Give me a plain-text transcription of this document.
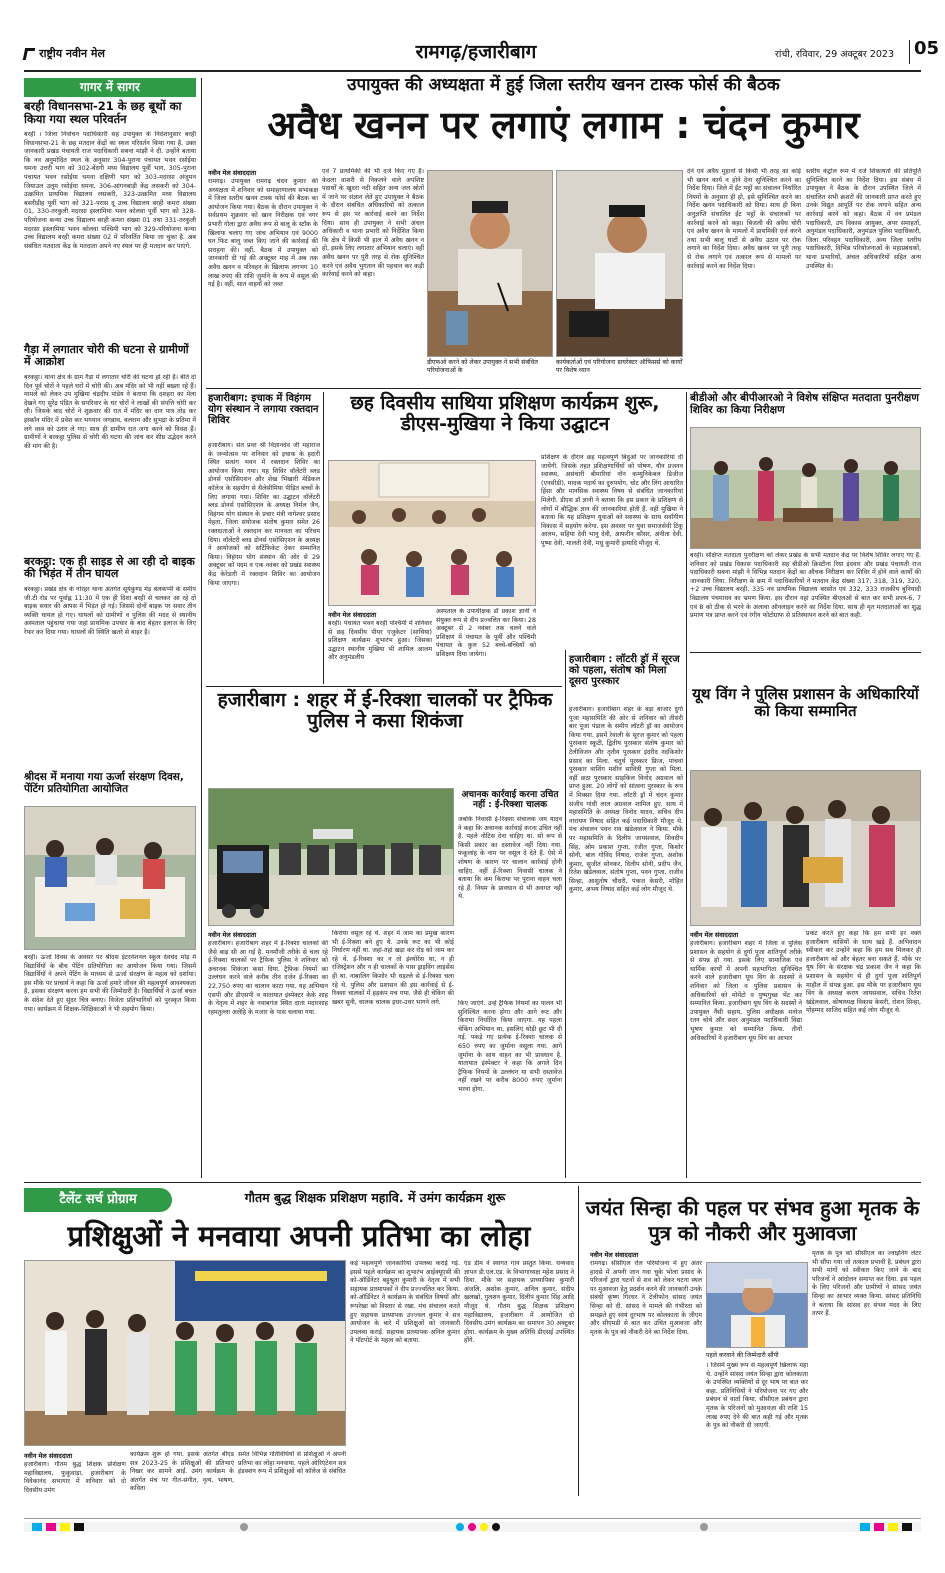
राष्ट्रीय नवीन मेल	रामगढ़/हजारीबाग	रांची, रविवार, 29 अक्टूबर 2023 05
गागर में सागर
बरही विधानसभा-21 के छह बूथों का किया गया स्थल परिवर्तन
बरही । जिला निर्वाचन पदाधिकारी सह उपायुक्त के निदेशानुसार बरही विधानसभा-21 के छह मतदान केंद्रों का स्थल परिवर्तन किया गया है. उक्त जानकारी प्रखंड पंचायती राज पदाधिकारी सबना मांझी ने दी. उन्होंने बताया कि नव अनुमोदित स्थल के अनुसार 304-पुराना पंचायत भवन रसोईया धमना उत्तरी भाग को 302-बेंदगी मध्य विद्यालय पूर्वी भाग, 305-पुराना पंचायत भवन रसोईया धमना दक्षिणी भाग को 303-मदरसा अंजुमन जियाउल उलूम रसोईया धमना, 306-आंगनबाड़ी केंद्र लसकरी को 304-उत्क्रमित प्राथमिक विद्यालय लसकरी, 323-उत्क्रमित मध्य विद्यालय बसरीडीह पूर्वी भाग को 321-परास दू उच्च विद्यालय बरही कमरा संख्या 01, 330-तरकुली मदरसा इस्लामिया भवन कोलवा पूर्वी भाग को 328-परियोजना कन्या उच्च विद्यालय बरही कमरा संख्या 01 तथा 331-तरकुली मदरसा इस्लामिया भवन कोलवा पश्चिमी भाग को 329-परियोजना कन्या उच्च विद्यालय बरही कमरा संख्या 02 में परिवर्तित किया जा चुका है. अब संबंधित मतदाता केंद्र के मतदाता अपने नए स्थल पर ही मतदान कर पाएंगे.
गैड़ा में लगातार चोरी की घटना से ग्रामीणों में आक्रोश
बरकट्ठा। थाना क्षेत्र के ग्राम गैड़ा में लगातार चोरी की घटना हो रही है। बीते दो दिन पूर्व चोरों ने पहले घरों में चोरी की। अब मंदिर को भी नहीं बख्शा रहे हैं। मामले को लेकर उप मुखिया चंद्रदीप पांडेय ने बताया कि दशहरा का मेला देखने गए सुरेंद्र पंडित के सपरिवार के घर चोरों ने लाखों की संपत्ति चोरी कर ली। जिसके बाद चोरों ने शुक्रवार की रात में मंदिर का दान पात्र तोड़ कर इस्कॉन मंदिर में प्रवेश कर भगवान जगन्नाथ, बलराम और सुभद्रा के प्रतिमा में लगे वस्त्र को उतार ले गए। साथ ही ग्रामीण रात जगा करने को विवश हैं। ग्रामीणों ने बरकट्ठा पुलिस से चोरी की घटना की जांच कर शीघ्र उद्भेदन करने की मांग की है।
बरकट्ठा: एक ही साइड से आ रही दो बाइक की भिड़ंत में तीन घायल
बरकट्ठा। प्रखंड क्षेत्र के गोरहर थाना अंतर्गत सूर्यकुण्ड मेड़ बेलकप्पी के समीप जी.टी रोड पर पूर्वाह्न 11:30 में एक ही दिशा बरही से चलकर आ रहे दो बाइक सवार की आपस में भिड़ंत हो गई। जिससे दोनों बाइक पर सवार तीन व्यक्ति घायल हो गए। घायलों को ग्रामीणों व पुलिस की मदद से स्थानीय अस्पताल पहुंचाया गया जहां प्राथमिक उपचार के बाद बेहतर इलाज के लिए रेफर कर दिया गया। घायलों की स्थिति खतरे से बाहर है।
श्रीदस में मनाया गया ऊर्जा संरक्षण दिवस, पेंटिंग प्रतियोगिता आयोजित
बरही। ऊर्जा दिवस के अवसर पर श्रीदस इंटरनेशनल स्कूल देवचंद मोड़ में विद्यार्थियों के बीच पेंटिंग प्रतियोगिता का आयोजन किया गया। जिसमें विद्यार्थियों ने अपने पेंटिंग के माध्यम से ऊर्जा संरक्षण के महत्व को दर्शाया। इस मौके पर प्राचार्य ने कहा कि ऊर्जा हमारे जीवन की महत्वपूर्ण आवश्यकता है, इसका संरक्षण करना हम सभी की जिम्मेदारी है। विद्यार्थियों ने ऊर्जा बचत के संदेश देते हुए सुंदर चित्र बनाए। विजेता प्रतिभागियों को पुरस्कृत किया गया। कार्यक्रम में शिक्षक-शिक्षिकाओं ने भी सहयोग किया।
उपायुक्त की अध्यक्षता में हुई जिला स्तरीय खनन टास्क फोर्स की बैठक
अवैध खनन पर लगाएं लगाम : चंदन कुमार
नवीन मेल संवाददाता
रामगढ़। उपायुक्त रामगढ़ चंदन कुमार की अध्यक्षता में शनिवार को समाहरणालय सभाकक्ष में जिला स्तरीय खनन टास्क फोर्स की बैठक का आयोजन किया गया। बैठक के दौरान उपायुक्त ने सर्वप्रथम शुक्रवार को खान निरीक्षक एवं नगर प्रभारी गोला द्वारा अवैध रूप से बालू के स्टॉक के खिलाफ चलाए गए जांच अभियान एवं 9000 घन फिट बालू जब्त किए जाने की कार्रवाई की सराहना की। वहीं, बैठक में उपायुक्त को जानकारी दी गई की अक्टूबर माह में अब तक अवैध खनन व परिवहन के खिलाफ लगभग 10 लाख रुपए की राशि जुर्माने के रूप में वसूल की गई है। वहीं, सात वाहनों को जब्त
एवं 7 प्राथमिकी की भी दर्ज किए गए हैं। केदला वाशरी से निकलने वाले अपशिष्ट पदार्थों के खुदरा नदी सहित अन्य जल स्रोतों में जाने पर संज्ञान लेते हुए उपायुक्त ने बैठक के दौरान संबंधित अधिकारियों को तत्काल रूप से इस पर कार्रवाई करने का निर्देश दिया। साथ ही उपायुक्त ने सभी अंचल अधिकारी व थाना प्रभारी को निर्देशित किया कि क्षेत्र में किसी भी हाल में अवैध खनन न हो, इसके लिए लगातार अभियान चलाएं। वहीं अवैध खनन पर पूरी तरह से रोक सुनिश्चित करने एवं अवैध भुगतान की पहचान कर कड़ी कार्रवाई करने को कहा।
डीएफओ करने को लेकर उपायुक्त ने सभी संबंधित परियोजनाओं के
कार्यकर्ताओं एवं परियोजना डायरेक्टर ऑफिसर्स को कार्यों पर विशेष ध्यान
देने एवं अवैध मुहानों से किसी भी तरह का कोई भी खनन कार्य न होने देना सुनिश्चित करने का निर्देश दिया। जिले में ईंट भट्ठों का संचालन निर्धारित नियमों के अनुसार ही हो, इसे सुनिश्चित करने का निर्देश खनन पदाधिकारी को दिया। साथ ही बिना अनुज्ञप्ति संचालित ईंट भट्ठों के संचालकों पर कार्रवाई करने को कहा। बिजली की अवैध चोरी एवं अवैध खनन के मामलों में प्राथमिकी दर्ज करने तथा सभी बालू घाटों से अवैध उठाव पर रोक लगाने का निर्देश दिया। अवैध खनन पर पूरी तरह से रोक लगाने एवं तत्काल रूप से मामलों पर कार्रवाई करने का निर्देश दिया।
स्तरीय कंट्रोल रूम में दर्ज शिकायतों की प्रतिपूर्ति सुनिश्चित करने का निर्देश दिया। इस संबंध में उपायुक्त ने बैठक के दौरान उपस्थित जिले में संचालित सभी क्रशरों की जानकारी प्राप्त करते हुए उनके विद्युत आपूर्ति पर रोक लगाने सहित अन्य कार्रवाई करने को कहा। बैठक में वन प्रमंडल पदाधिकारी, उप विकास आयुक्त, अपर समाहर्ता, अनुमंडल पदाधिकारी, अनुमंडल पुलिस पदाधिकारी, जिला परिवहन पदाधिकारी, अन्य जिला स्तरीय पदाधिकारी, विभिन्न परियोजनाओं के महाप्रबंधकों, थाना प्रभारियों, अंचल अधिकारियों सहित अन्य उपस्थित थे।
हजारीबाग: इचाक में विहंगम योग संस्थान ने लगाया रक्तदान शिविर
हजारीबाग। संत प्रवर श्री विज्ञानदेव जी महाराज के जन्मोत्सव पर शनिवार को इचाक के हदारी स्थित सत्संग भवन में रक्तदान शिविर का आयोजन किया गया। यह शिविर वॉलेंटरी ब्लड डोनर्स एसोसिएशन और शेख भिखारी मेडिकल कॉलेज के सहयोग से थैलेसीमिया पीड़ित बच्चों के लिए लगाया गया। शिविर का उद्घाटन वॉलेंटरी ब्लड डोनर्स एसोसिएशन के अध्यक्ष निर्मल जैन, विहंगम योग संस्थान के प्रचार मंत्री नागेश्वर प्रसाद मेहता, जिला संयोजक संतोष कुमार समेत 26 रक्तदाताओं ने रक्तदान कर मानवता का परिचय दिया। वॉलेंटरी ब्लड डोनर्स एसोसिएशन के अध्यक्ष ने आयोजकों को सर्टिफिकेट देकर सम्मानित किया। विहंगम योग संस्थान की ओर से 29 अक्टूबर को पदम व एक नवंबर को प्रखंड स्वास्थ्य केंद्र केरेडारी में रक्तदान शिविर का आयोजन किया जाएगा।
छह दिवसीय साथिया प्रशिक्षण कार्यक्रम शुरू, डीएस-मुखिया ने किया उद्घाटन
प्रशिक्षण के दौरान छह महत्वपूर्ण बिंदुओं पर जानकारियां दी जायेंगी. जिसके तहत प्रशिक्षणार्थियों को पोषण, यौन प्रजनन स्वास्थ्य, असंचारी बीमारियां नॉन कम्युनिकेबल डिजीज (एनसीडी), मादक पदार्थ का दुरुपयोग, चोट और लिंग आधारित हिंसा और मानसिक स्वास्थ्य विषय से संबंधित जानकारियां मिलेगी. डीएस डॉ ज्ञानी ने बताया कि इस प्रकार के प्रशिक्षण से लोगों में बौद्धिक ज्ञान की जानकारियां होती हैं. वहीं मुखिया ने बताया कि यह प्रशिक्षण युवाओं को स्वास्थ्य के साथ सर्वांगीण विकास में सहयोग करेगा. इस अवसर पर युवा समाजसेवी टिंकू आलम, सहिया देवी भानु देवी, आफरीन कौसर, अनीता देवी, पुष्पा देवी, मालती देवी, मधु कुमारी इत्यादि मौजूद थे.
नवीन मेल संवाददाता
बरही। पंचायत भवन बरही पश्चिमी में शनिवार से छह दिवसीय पीयर एजुकेटर (साथिया) प्रशिक्षण कार्यक्रम शुभारंभ हुआ। जिसका उद्घाटन स्थानीय मुखिया भी शामिल आलम और अनुमंडलीय
अस्पताल के उपाधीक्षक डॉ प्रकाश ज्ञानी ने संयुक्त रूप से दीप प्रज्वलित कर किया। 28 अक्टूबर से 2 नवंबर तक चलने वाले प्रशिक्षण में पंचायत के पूर्वी और पश्चिमी पंचायत के कुल 52 बच्चे-बच्चियों को प्रशिक्षण दिया जायेगा।
बीडीओ और बीपीआरओ ने विशेष संक्षिप्त मतदाता पुनरीक्षण शिविर का किया निरीक्षण
बरही। संक्षिप्त मतदाता पुनरीक्षण को लेकर प्रखंड के सभी मतदान केंद्र पर विशेष शिविर लगाए गए हैं. शनिवार को प्रखंड विकास पदाधिकारी सह बीडीओ क्रिस्टीना रिया इंदवार और प्रखंड पंचायती राज पदाधिकारी सबना मांझी ने विभिन्न मतदान केंद्रों का औचक निरीक्षण कर शिविर में होने वाले कार्यों की जानकारी लिया. निरीक्षण के क्रम में पदाधिकारियों ने मतदान केंद्र संख्या 317, 318, 319, 320, +2 उच्च विद्यालय बरही, 335 नव प्राथमिक विद्यालय बरसोत एवं 332, 333 राजकीय बुनियादी विद्यालय पंचमाधव का भ्रमण किया. इस दौरान वहां उपस्थित बीएलओ से बात कर सभी प्रपत्र-6, 7 एवं 8 को ठीक से भरने के अलावा ऑनलाइन करने का निर्देश दिया. साथ ही मृत मतदाताओं का शुद्ध प्रमाण पत्र प्राप्त करने एवं रंगीन फोटोग्राफ से प्रतिस्थापन करने को बात कही.
हजारीबाग : शहर में ई-रिक्शा चालकों पर ट्रैफिक पुलिस ने कसा शिकंजा
नवीन मेल संवाददाता
हजारीबाग। हजारीबाग शहर में ई-रिक्शा चालकों की जैसे बाढ़ सी आ गई है. मनमौजी तरीके से चला रहे ई-रिक्शा चालकों पर ट्रैफिक पुलिस ने शनिवार को अचानक शिकंजा कसा दिया. ट्रैफिक नियमों का उल्लंघन करने वाले करीब तीन दर्जन ई-रिक्शा का 22,750 रुपए का चालान काटा गया. यह अभियान एसपी और डीएसपी व यातायात इंस्पेक्टर केके शाह के नेतृत्व में शहर के नवाबगंज स्थित दाता मदारशाह रहमतुल्ला अलेहि के मजार के पास चलाया गया.
किराया वसूल रहे थे. शहर में जाम का प्रमुख कारण भी ई-रिक्शा बने हुए थे. उनके रूट का भी कोई निर्धारण नहीं था. जहां-तहां खड़ा कर रोड को जाम कर रहे थे. ई-रिक्शा का न तो इंश्योरेंस था, न ही रजिस्ट्रेशन और न ही चालकों के पास ड्राइविंग लाइसेंस ही था. नाबालिग किशोर भी धड़ल्ले से ई-रिक्शा चला रहे थे. पुलिस और प्रशासन की इस कार्रवाई से ई-रिक्शा चालकों में हड़कंप मच गया. जैसे ही चेकिंग की खबर सुनी, चालक चालक इधर-उधर भागने लगे.
अचानक कार्रवाई करना उचित नहीं : ई-रिक्शा चालक
जबकि निवासी ई-रिक्शा संचालक जय यादव ने कहा कि अचानक कार्रवाई करना उचित नहीं है. पहले नोटिस देना चाहिए था. सो रूप से किसी प्रकार का दस्तावेज नहीं दिया गया. फकूलांह के नाम पर वसूल दे देते हैं. ऐसे में शोषण के कारण पर चालान कार्रवाई होनी चाहिए. वहीं ई-रिक्शा निवासी चालक ने बताया कि कम किराया पर पुराना वाहन चला रहे हैं. नियम के प्रावधान से भी अवगत नहीं थे.
किए जाएंगे. उन्हें ट्रैफिक नियमों का पालन भी सुनिश्चित करना होगा और आगे रूट और किराया निर्धारित किया जाएगा. यह पहला चेकिंग अभियान था, इसलिए थोड़ी छूट भी दी गई. पकड़े गए प्रत्येक ई-रिक्शा चालक से 650 रुपए का जुर्माना वसूला गया. आगे जुर्माना के साथ वाहन का भी प्रावधान है. यातायात इंस्पेक्टर ने कहा कि अगले दिन ट्रैफिक नियमों के उल्लंघन या सभी दस्तावेज नहीं रखने पर करीब 8000 रुपए जुर्माना भरना होगा.
हजारीबाग : लॉटरी ड्रॉ में सूरज को पहला, संतोष को मिला दूसरा पुरस्कार
हजारीबाग। हजारीबाग शहर के बड़ा बाजार दुर्गा पूजा महासमिति की ओर से शनिवार को तीसरी बार पूजा पंडाल के समीप लॉटरी ड्रॉ का आयोजन किया गया. इसमें रेवाली के सूरज कुमार को पहला पुरस्कार स्कूटी, द्वितीय पुरस्कार संतोष कुमार को टेलीविजन और तृतीय पुरस्कार इंदरीद नंदकिशोर प्रसाद का मिला. चतुर्थ पुरस्कार फ्रिज, पांचवां पुरस्कार वाशिंग मशीन सावित्री गुप्ता को मिला. वहीं छठा पुरस्कार साइकिल विनोद अग्रवाल को प्राप्त हुआ. 20 लोगों को सांत्वना पुरस्कार के रूप में मिक्सर दिया गया. लॉटरी ड्रॉ में चंदन कुमार संजीव गांधी लाल अग्रवाल शामिल हुए. साथ में महासमिति के अध्यक्ष विनोद यादव, सचिव दीप नारायण निषाद सहित कई पदाधिकारी मौजूद थे. मंच संचालन पवन राव खंडेलवाल ने किया. मौके पर महासमिति के दिलीप जायसवाल, शिवदीप सिंह, ओम प्रकाश गुप्ता, रंजीत गुप्ता, किशोर सोनी, बाल गोविंद निषाद, राजेश गुप्ता, अशोक कुमार, सुजीत सोनकर, दिलीप सोनी, प्रदीप जैन, रितेश खंडेलवाल, संतोष गुप्ता, पवन गुप्ता, राजीव सिन्हा, आशुतोष चौधरी, पंकज केसरी, मोहित कुमार, अभय निषाद सहित कई लोग मौजूद थे.
यूथ विंग ने पुलिस प्रशासन के अधिकारियों को किया सम्मानित
नवीन मेल संवाददाता
हजारीबाग। हजारीबाग शहर में जिला व पुलिस प्रशासन के सहयोग से दुर्गा पूजा शांतिपूर्ण तरीके से संपन्न हो गया. इसके लिए सामाजिक एवं धार्मिक कार्यों में अपनी सहभागिता सुनिश्चित करने वाले हजारीबाग यूथ विंग के सदस्यों ने शनिवार को जिला व पुलिस प्रशासन के अधिकारियों को मोमेंटो व पुष्पगुच्छ भेंट कर सम्मानित किया. हजारीबाग यूथ विंग के सदस्यों ने उपायुक्त नैंसी सहाय, पुलिस अधीक्षक मनोज रतन चोथे और सदर अनुमंडल पदाधिकारी विद्या भूषण कुमार को सम्मानित किया. तीनों अधिकारियों ने हजारीबाग यूथ विंग का आभार
प्रकट करते हुए कहा कि हम सभी हर वक्त हजारीबाग वासियों के साथ खड़े हैं. अभिवादन स्वीकार कर उन्होंने कहा कि हम सब मिलकर ही हजारीबाग को और बेहतर बना सकते हैं. मौके पर यूथ विंग के संरक्षक चंद्र प्रकाश जैन ने कहा कि प्रशासन के सहयोग से ही दुर्गा पूजा शांतिपूर्ण माहौल में संपन्न हुआ. इस मौके पर हजारीबाग यूथ विंग के अध्यक्ष करण जायसवाल, सचिव रितेश खंडेलवाल, कोषाध्यक्ष विकास केसरी, रोशन सिन्हा, मोहम्मद साजिद सहित कई लोग मौजूद थे.
टैलेंट सर्च प्रोग्राम	गौतम बुद्ध शिक्षक प्रशिक्षण महावि. में उमंग कार्यक्रम शुरू
प्रशिक्षुओं ने मनवाया अपनी प्रतिभा का लोहा
कई महत्वपूर्ण जानकारियां उपलब्ध कराई गई. इससे पहले कार्यक्रम का शुभारंभ आईक्यूएसी की को-ऑर्डिनेटर बहुश्रुता कुमारी के नेतृत्व में सभी सहायक प्राध्यापकों ने दीप प्रज्ज्वलित कर किया. को-ऑर्डिनेटर ने कार्यक्रम के संबंधित विषयों और रूपरेखा को विस्तार से रखा. मंच संचालन करते हुए सहायक प्राध्यापक उज्ज्वल कुमार ने सत्र आयोजन के बारे में प्रशिक्षुओं को जानकारी उपलब्ध कराई. सहायक प्राध्यापक अनिल कुमार ने पॉटपोर्ट के महत्व को बताया.
एंड डीम ने स्वागत गान प्रस्तुत किया. धन्यवाद ज्ञापन डी.एल.एड. के विभागाध्यक्ष महेश प्रसाद ने दिया. मौके पर सहायक प्राध्यापिका कुमारी अंजलि, अशोक कुमार, अनिल कुमार, संदीप खलखो, गुलशन कुमार, दिलीप कुमार सिंह आदि मौजूद थे. गौतम बुद्ध शिक्षक प्रशिक्षण महाविद्यालय, हजारीबाग में आयोजित दो दिवसीय उमंग कार्यक्रम का समापन 30 अक्टूबर होगा. कार्यक्रम के मुख्य अतिथि डीएसई उपस्थित होंगे.
नवीन मेल संवाददाता
हजारीबाग। गौतम बुद्ध शिक्षक प्रशिक्षण महाविद्यालय, फुकुवाड़ा, हजारीबाग के विवेकानंद सभागार में शनिवार को दो दिवसीय उमंग
कार्यक्रम शुरू हो गया. इसके अंतर्गत बीएड सत्र 2023-25 के प्रशिक्षुओं की प्रतिभाएं निखर कर सामने आईं. उमंग कार्यक्रम के अंतर्गत मंच पर गीत-संगीत, नृत्य, भाषण, कविता
समेत विभिन्न गतिविधियों से प्रशिक्षुओं ने अपनी प्रतिभा का लोहा मनवाया. पहले ओरिएंटेशन सत्र इंडक्शन रूप में प्रशिक्षुओं को कॉलेज से संबंधित
जयंत सिन्हा की पहल पर संभव हुआ मृतक के पुत्र को नौकरी और मुआवजा
नवीन मेल संवाददाता
रामगढ़। सीसीएल रोल परियोजना में हुए अंतर हादसे में अपनी जान गवा चुके भोला प्रसाद के परिजनों द्वारा घटनों से शव को लेकर घटना स्थल पर मुआवजा हेतु प्रदर्शन करने की जानकारी उनके संबंधी कृष्ण गिरधर ने टेलीफोन सांसद जयंत सिन्हा को दी. सांसद ने मामले की गंभीरता को समझते हुए स्वयं दूरभाष पर कोलकाता के जीएम और सीएमडी से बात कर उचित मुआवजा और मृतक के पुत्र को नौकरी देने का निर्देश दिया.
पहले करवाने की जिम्मेदारी सौंपी
। जिसमें मुख्य रूप से महत्वपूर्ण खिलाफ महा थे. उन्होंने सांसद जयंत सिन्हा द्वारा कोलकाता के उपस्थित व्यक्तियों से दूर भाष पर बात कर कहा. प्रतिनिधियों ने परियोजना पर गए और प्रबंधन से वार्ता किया. सीसीएल प्रबंधन द्वारा मृतक के परिजनों को मुआवजा की राशि 15 लाख रुपए देने की बात कही गई और मृतक के पुत्र को नौकरी दी जाएगी.
मृतक के पुत्र को सीसीएल का ज्वाइनिंग लेटर भी सौंपा गया जो तत्काल प्रभावी है. प्रबंधन द्वारा सभी मांगों को स्वीकार किए जाने के बाद परिजनों ने आंदोलन समाप्त कर दिया. इस पहल के लिए परिजनों और ग्रामीणों ने सांसद जयंत सिन्हा का आभार व्यक्त किया. सांसद प्रतिनिधि ने बताया कि सांसद हर संभव मदद के लिए तत्पर हैं.
